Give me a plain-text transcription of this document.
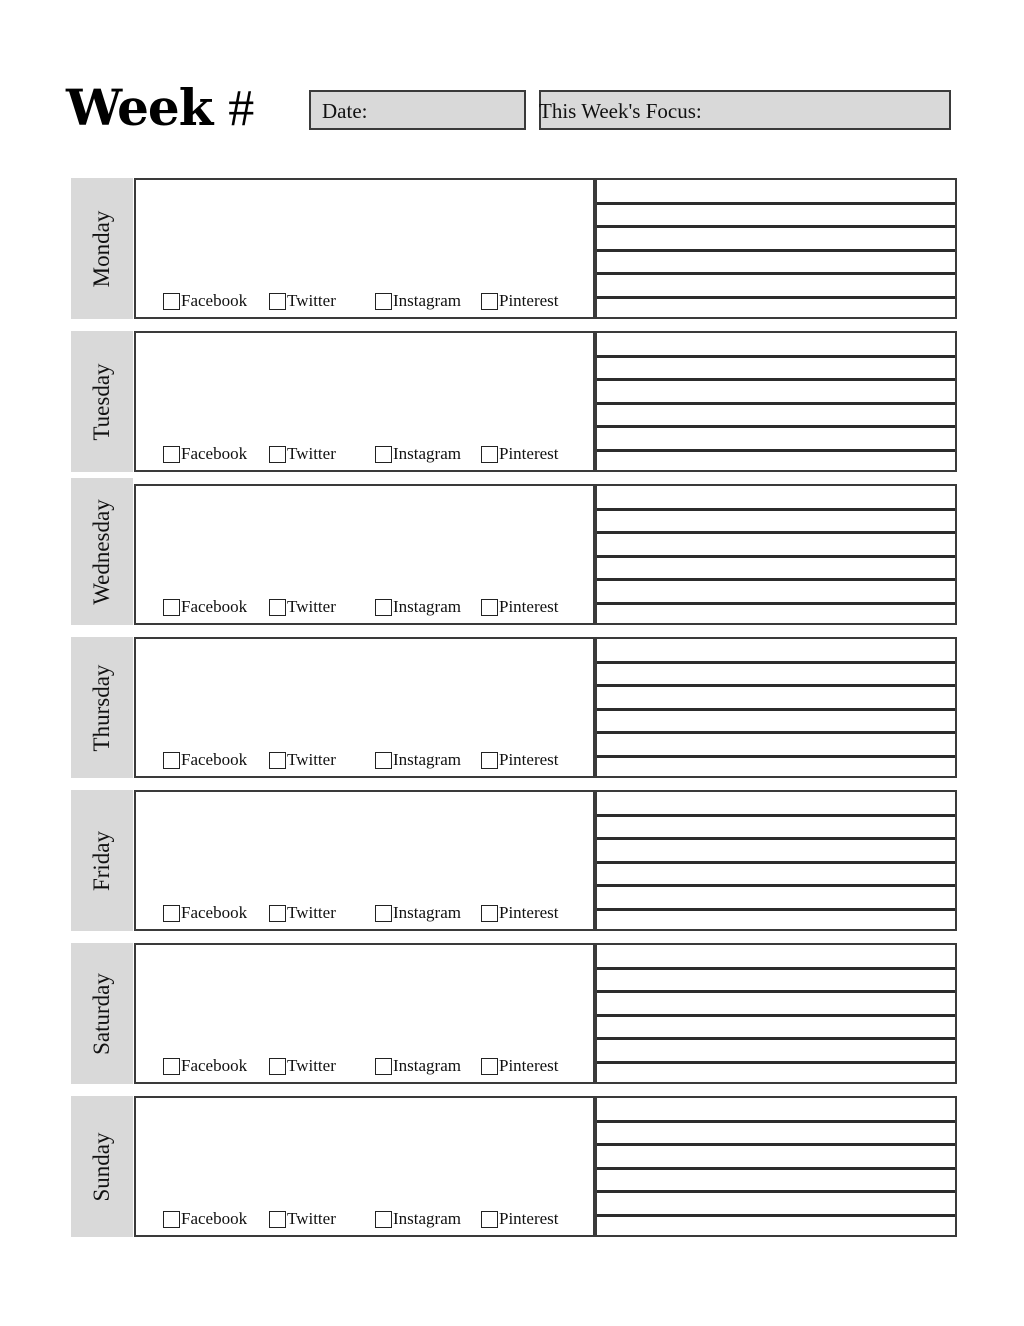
Week #	Date:	This Week's Focus:
Monday
Facebook Twitter	Instagram Pinterest
Tuesday
Facebook Twitter	Instagram Pinterest
Wednesday
Facebook Twitter	Instagram Pinterest
Thursday
Facebook Twitter	Instagram Pinterest
Friday
Facebook Twitter	Instagram Pinterest
Saturday
Facebook Twitter	Instagram Pinterest
Sunday
Facebook Twitter	Instagram Pinterest
